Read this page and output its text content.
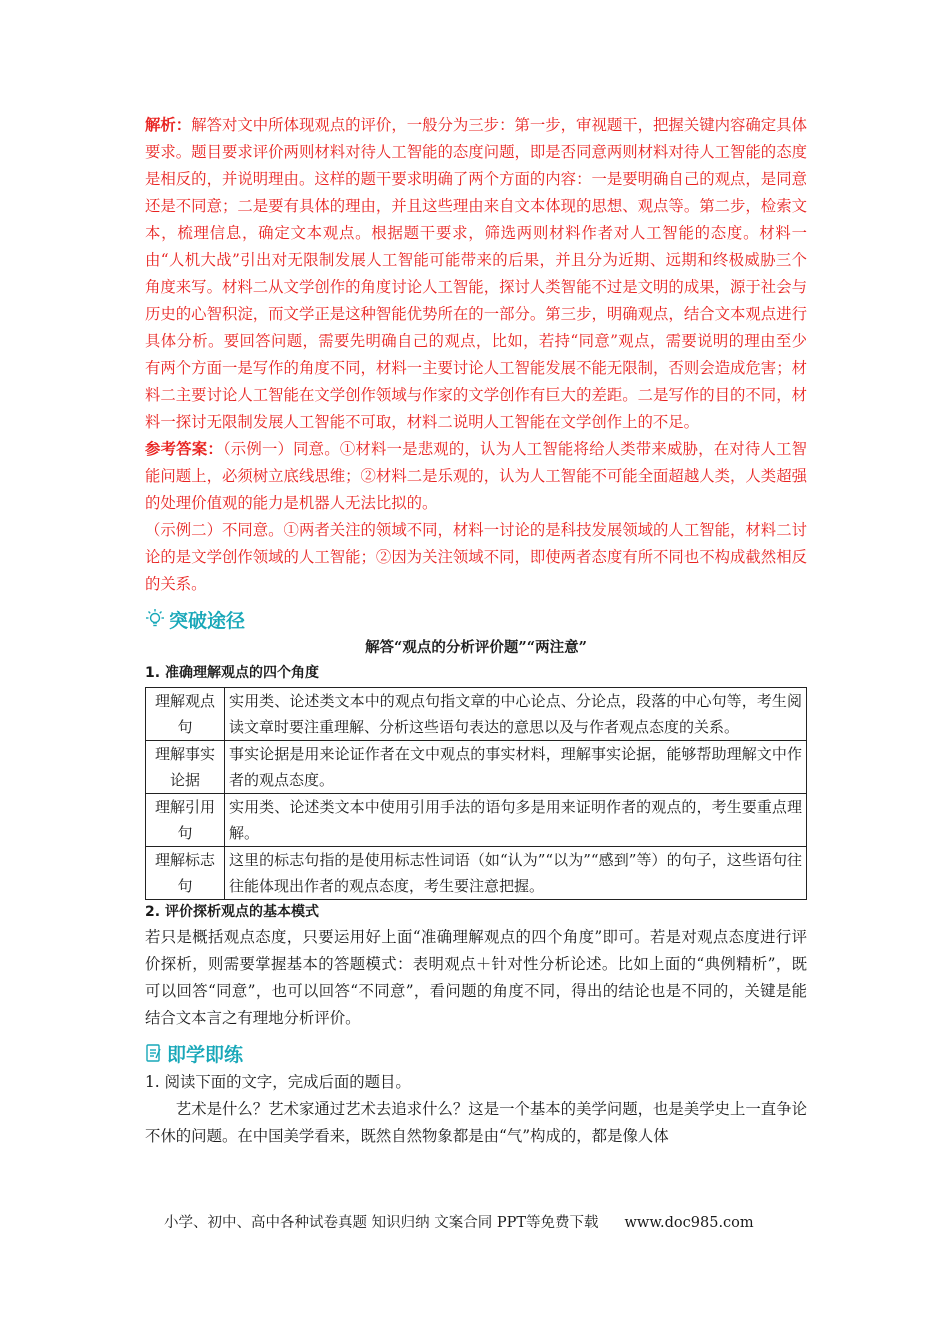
解析：解答对文中所体现观点的评价，一般分为三步：第一步，审视题干，把握关键内容确定具体要求。题目要求评价两则材料对待人工智能的态度问题，即是否同意两则材料对待人工智能的态度是相反的，并说明理由。这样的题干要求明确了两个方面的内容：一是要明确自己的观点，是同意还是不同意；二是要有具体的理由，并且这些理由来自文本体现的思想、观点等。第二步，检索文本，梳理信息，确定文本观点。根据题干要求，筛选两则材料作者对人工智能的态度。材料一由“人机大战”引出对无限制发展人工智能可能带来的后果，并且分为近期、远期和终极威胁三个角度来写。材料二从文学创作的角度讨论人工智能，探讨人类智能不过是文明的成果，源于社会与历史的心智积淀，而文学正是这种智能优势所在的一部分。第三步，明确观点，结合文本观点进行具体分析。要回答问题，需要先明确自己的观点，比如，若持“同意”观点，需要说明的理由至少有两个方面一是写作的角度不同，材料一主要讨论人工智能发展不能无限制，否则会造成危害；材料二主要讨论人工智能在文学创作领域与作家的文学创作有巨大的差距。二是写作的目的不同，材料一探讨无限制发展人工智能不可取，材料二说明人工智能在文学创作上的不足。

参考答案：（示例一）同意。①材料一是悲观的，认为人工智能将给人类带来威胁，在对待人工智能问题上，必须树立底线思维；②材料二是乐观的，认为人工智能不可能全面超越人类，人类超强的处理价值观的能力是机器人无法比拟的。

（示例二）不同意。①两者关注的领域不同，材料一讨论的是科技发展领域的人工智能，材料二讨论的是文学创作领域的人工智能；②因为关注领域不同，即使两者态度有所不同也不构成截然相反的关系。

突破途径
解答“观点的分析评价题”“两注意”
1. 准确理解观点的四个角度
理解观点句	实用类、论述类文本中的观点句指文章的中心论点、分论点，段落的中心句等，考生阅读文章时要注重理解、分析这些语句表达的意思以及与作者观点态度的关系。
理解事实论据	事实论据是用来论证作者在文中观点的事实材料，理解事实论据，能够帮助理解文中作者的观点态度。
理解引用句	实用类、论述类文本中使用引用手法的语句多是用来证明作者的观点的，考生要重点理解。
理解标志句	这里的标志句指的是使用标志性词语（如“认为”“以为”“感到”等）的句子，这些语句往往能体现出作者的观点态度，考生要注意把握。
2. 评价探析观点的基本模式

若只是概括观点态度，只要运用好上面“准确理解观点的四个角度”即可。若是对观点态度进行评价探析，则需要掌握基本的答题模式：表明观点＋针对性分析论述。比如上面的“典例精析”，既可以回答“同意”，也可以回答“不同意”，看问题的角度不同，得出的结论也是不同的，关键是能结合文本言之有理地分析评价。

即学即练

1. 阅读下面的文字，完成后面的题目。

艺术是什么？艺术家通过艺术去追求什么？这是一个基本的美学问题，也是美学史上一直争论不休的问题。在中国美学看来，既然自然物象都是由“气”构成的，都是像人体

小学、初中、高中各种试卷真题 知识归纳 文案合同 PPT等免费下载 www.doc985.com
